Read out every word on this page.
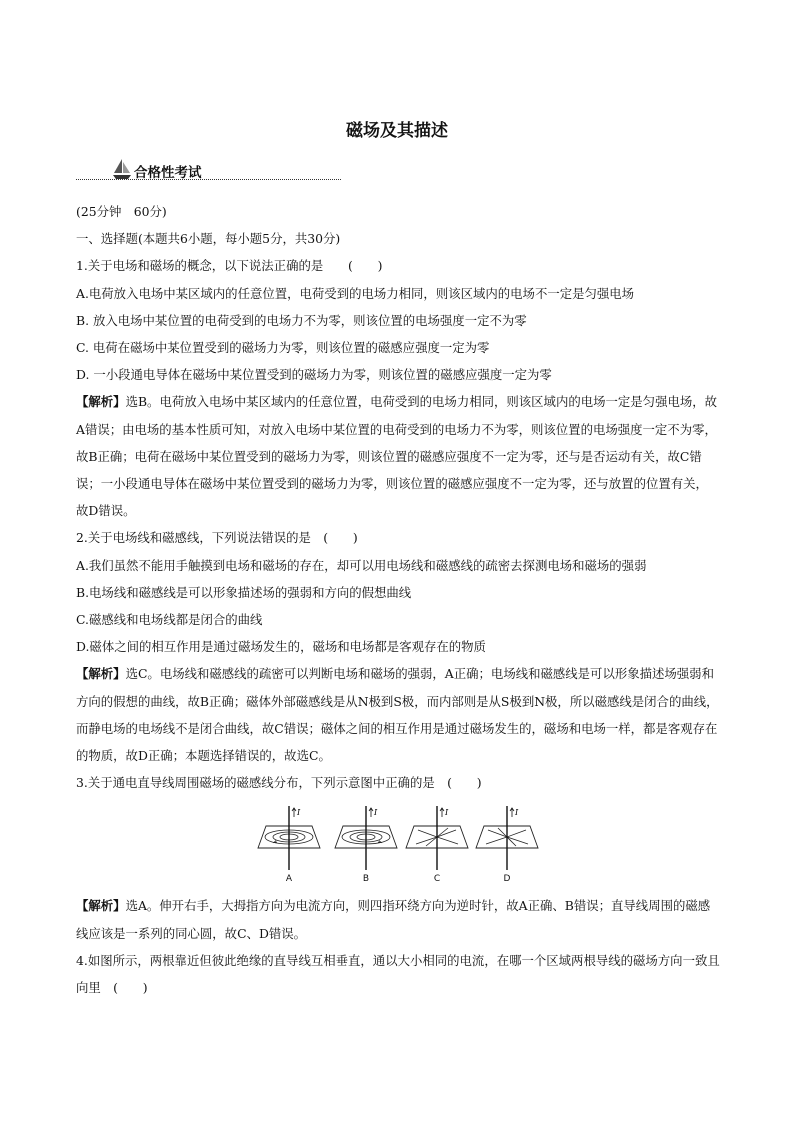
磁场及其描述
合格性考试

(25分钟　60分)

一、选择题(本题共6小题，每小题5分，共30分)

1.关于电场和磁场的概念，以下说法正确的是　　(　　)

A.电荷放入电场中某区域内的任意位置，电荷受到的电场力相同，则该区域内的电场不一定是匀强电场

B. 放入电场中某位置的电荷受到的电场力不为零，则该位置的电场强度一定不为零

C. 电荷在磁场中某位置受到的磁场力为零，则该位置的磁感应强度一定为零

D. 一小段通电导体在磁场中某位置受到的磁场力为零，则该位置的磁感应强度一定为零

【解析】选B。电荷放入电场中某区域内的任意位置，电荷受到的电场力相同，则该区域内的电场一定是匀强电场，故A错误；由电场的基本性质可知，对放入电场中某位置的电荷受到的电场力不为零，则该位置的电场强度一定不为零，故B正确；电荷在磁场中某位置受到的磁场力为零，则该位置的磁感应强度不一定为零，还与是否运动有关，故C错误；一小段通电导体在磁场中某位置受到的磁场力为零，则该位置的磁感应强度不一定为零，还与放置的位置有关，故D错误。

2.关于电场线和磁感线，下列说法错误的是　(　　)

A.我们虽然不能用手触摸到电场和磁场的存在，却可以用电场线和磁感线的疏密去探测电场和磁场的强弱

B.电场线和磁感线是可以形象描述场的强弱和方向的假想曲线

C.磁感线和电场线都是闭合的曲线

D.磁体之间的相互作用是通过磁场发生的，磁场和电场都是客观存在的物质

【解析】选C。电场线和磁感线的疏密可以判断电场和磁场的强弱，A正确；电场线和磁感线是可以形象描述场强弱和方向的假想的曲线，故B正确；磁体外部磁感线是从N极到S极，而内部则是从S极到N极，所以磁感线是闭合的曲线，而静电场的电场线不是闭合曲线，故C错误；磁体之间的相互作用是通过磁场发生的，磁场和电场一样，都是客观存在的物质，故D正确；本题选择错误的，故选C。

3.关于通电直导线周围磁场的磁感线分布，下列示意图中正确的是　(　　)

I
A
I
B
I
C
I
D

【解析】选A。伸开右手，大拇指方向为电流方向，则四指环绕方向为逆时针，故A正确、B错误；直导线周围的磁感线应该是一系列的同心圆，故C、D错误。

4.如图所示，两根靠近但彼此绝缘的直导线互相垂直，通以大小相同的电流，在哪一个区域两根导线的磁场方向一致且向里　(　　)
